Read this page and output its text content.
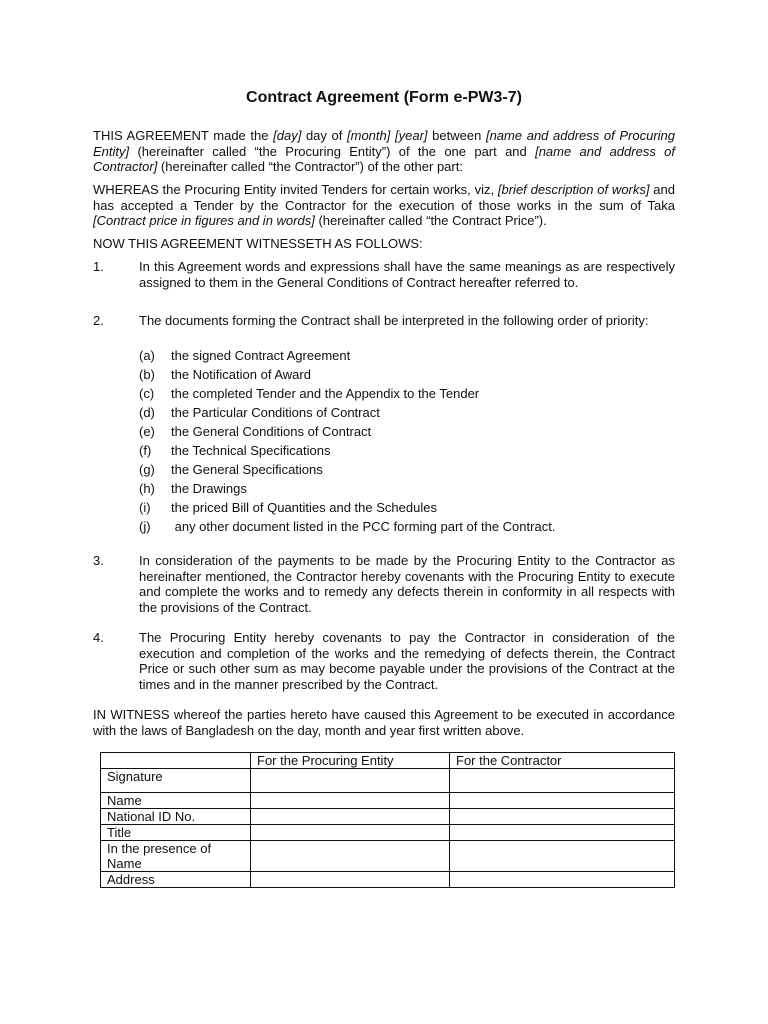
Contract Agreement (Form e-PW3-7)

THIS AGREEMENT made the [day] day of [month] [year] between [name and address of Procuring Entity] (hereinafter called “the Procuring Entity”) of the one part and [name and address of Contractor] (hereinafter called “the Contractor”) of the other part:

WHEREAS the Procuring Entity invited Tenders for certain works, viz, [brief description of works] and has accepted a Tender by the Contractor for the execution of those works in the sum of Taka [Contract price in figures and in words] (hereinafter called “the Contract Price”).

NOW THIS AGREEMENT WITNESSETH AS FOLLOWS:

1.	In this Agreement words and expressions shall have the same meanings as are respectively assigned to them in the General Conditions of Contract hereafter referred to.

2.	The documents forming the Contract shall be interpreted in the following order of priority:

(a) the signed Contract Agreement

(b) the Notification of Award

(c) the completed Tender and the Appendix to the Tender

(d) the Particular Conditions of Contract

(e) the General Conditions of Contract

(f) the Technical Specifications

(g) the General Specifications

(h) the Drawings

(i) the priced Bill of Quantities and the Schedules

(j) any other document listed in the PCC forming part of the Contract.

3.	In consideration of the payments to be made by the Procuring Entity to the Contractor as hereinafter mentioned, the Contractor hereby covenants with the Procuring Entity to execute and complete the works and to remedy any defects therein in conformity in all respects with the provisions of the Contract.

4.	The Procuring Entity hereby covenants to pay the Contractor in consideration of the execution and completion of the works and the remedying of defects therein, the Contract Price or such other sum as may become payable under the provisions of the Contract at the times and in the manner prescribed by the Contract.

IN WITNESS whereof the parties hereto have caused this Agreement to be executed in accordance with the laws of Bangladesh on the day, month and year first written above.

	For the Procuring Entity	For the Contractor
Signature		
Name		
National ID No.		
Title		
In the presence of Name		
Address		
